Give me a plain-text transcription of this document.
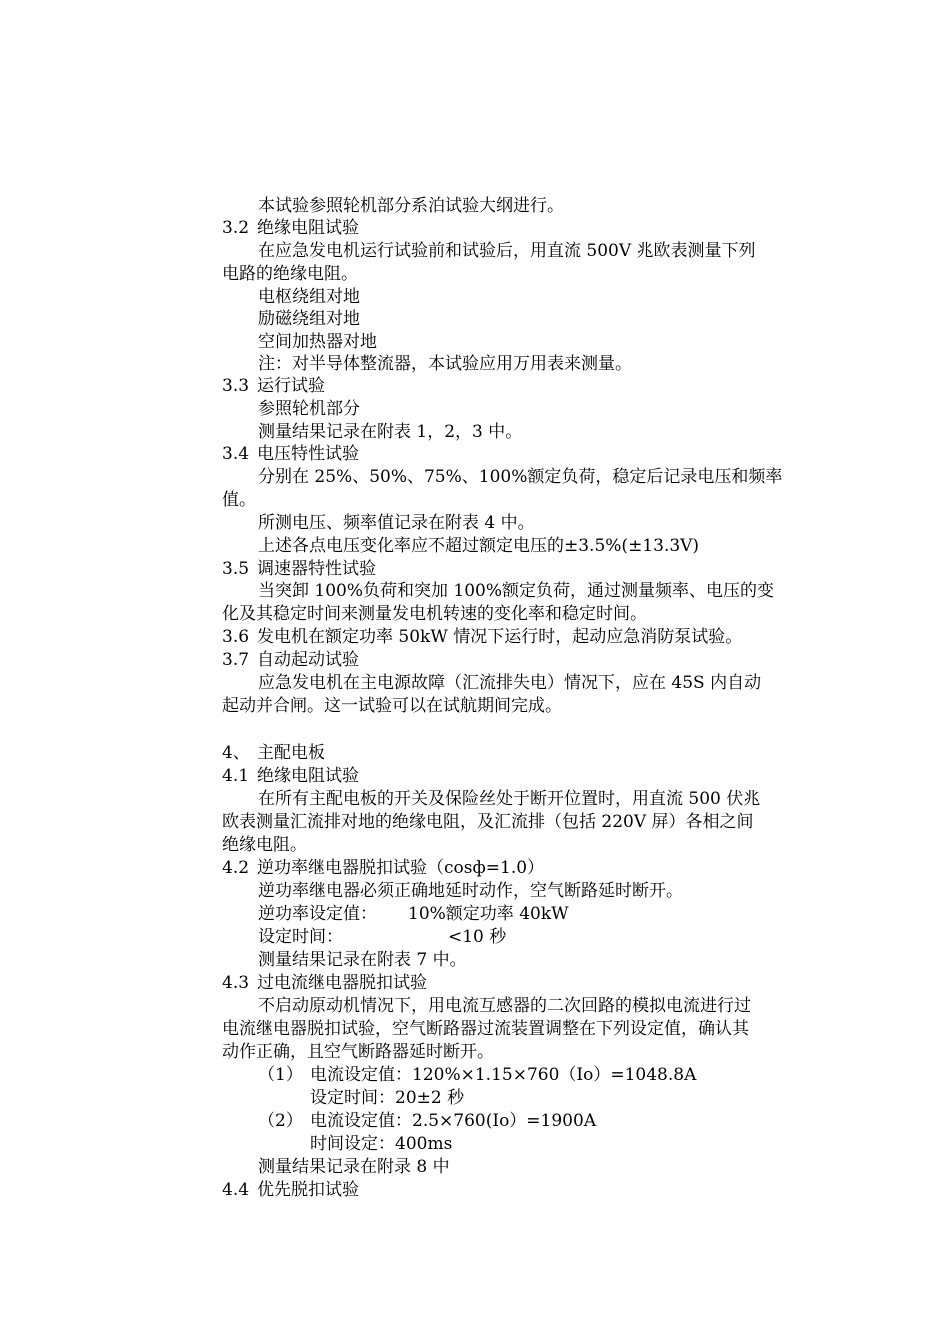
本试验参照轮机部分系泊试验大纲进行。
3.2 绝缘电阻试验
在应急发电机运行试验前和试验后，用直流 500V 兆欧表测量下列
电路的绝缘电阻。
电枢绕组对地
励磁绕组对地
空间加热器对地
注：对半导体整流器，本试验应用万用表来测量。
3.3 运行试验
参照轮机部分
测量结果记录在附表 1，2，3 中。
3.4 电压特性试验
分别在 25%、50%、75%、100%额定负荷，稳定后记录电压和频率
值。
所测电压、频率值记录在附表 4 中。
上述各点电压变化率应不超过额定电压的±3.5%(±13.3V)
3.5 调速器特性试验
当突卸 100%负荷和突加 100%额定负荷，通过测量频率、电压的变
化及其稳定时间来测量发电机转速的变化率和稳定时间。
3.6 发电机在额定功率 50kW 情况下运行时，起动应急消防泵试验。
3.7 自动起动试验
应急发电机在主电源故障（汇流排失电）情况下，应在 45S 内自动
起动并合闸。这一试验可以在试航期间完成。
4、 主配电板
4.1 绝缘电阻试验
在所有主配电板的开关及保险丝处于断开位置时，用直流 500 伏兆
欧表测量汇流排对地的绝缘电阻，及汇流排（包括 220V 屏）各相之间
绝缘电阻。
4.2 逆功率继电器脱扣试验（cosф=1.0）
逆功率继电器必须正确地延时动作，空气断路延时断开。
逆功率设定值： 10%额定功率 40kW
设定时间：	<10 秒
测量结果记录在附表 7 中。
4.3 过电流继电器脱扣试验
不启动原动机情况下，用电流互感器的二次回路的模拟电流进行过
电流继电器脱扣试验，空气断路器过流装置调整在下列设定值，确认其
动作正确，且空气断路器延时断开。
（1） 电流设定值：120%×1.15×760（Io）=1048.8A
设定时间：20±2 秒
（2） 电流设定值：2.5×760(Io）=1900A
时间设定：400ms
测量结果记录在附录 8 中
4.4 优先脱扣试验
